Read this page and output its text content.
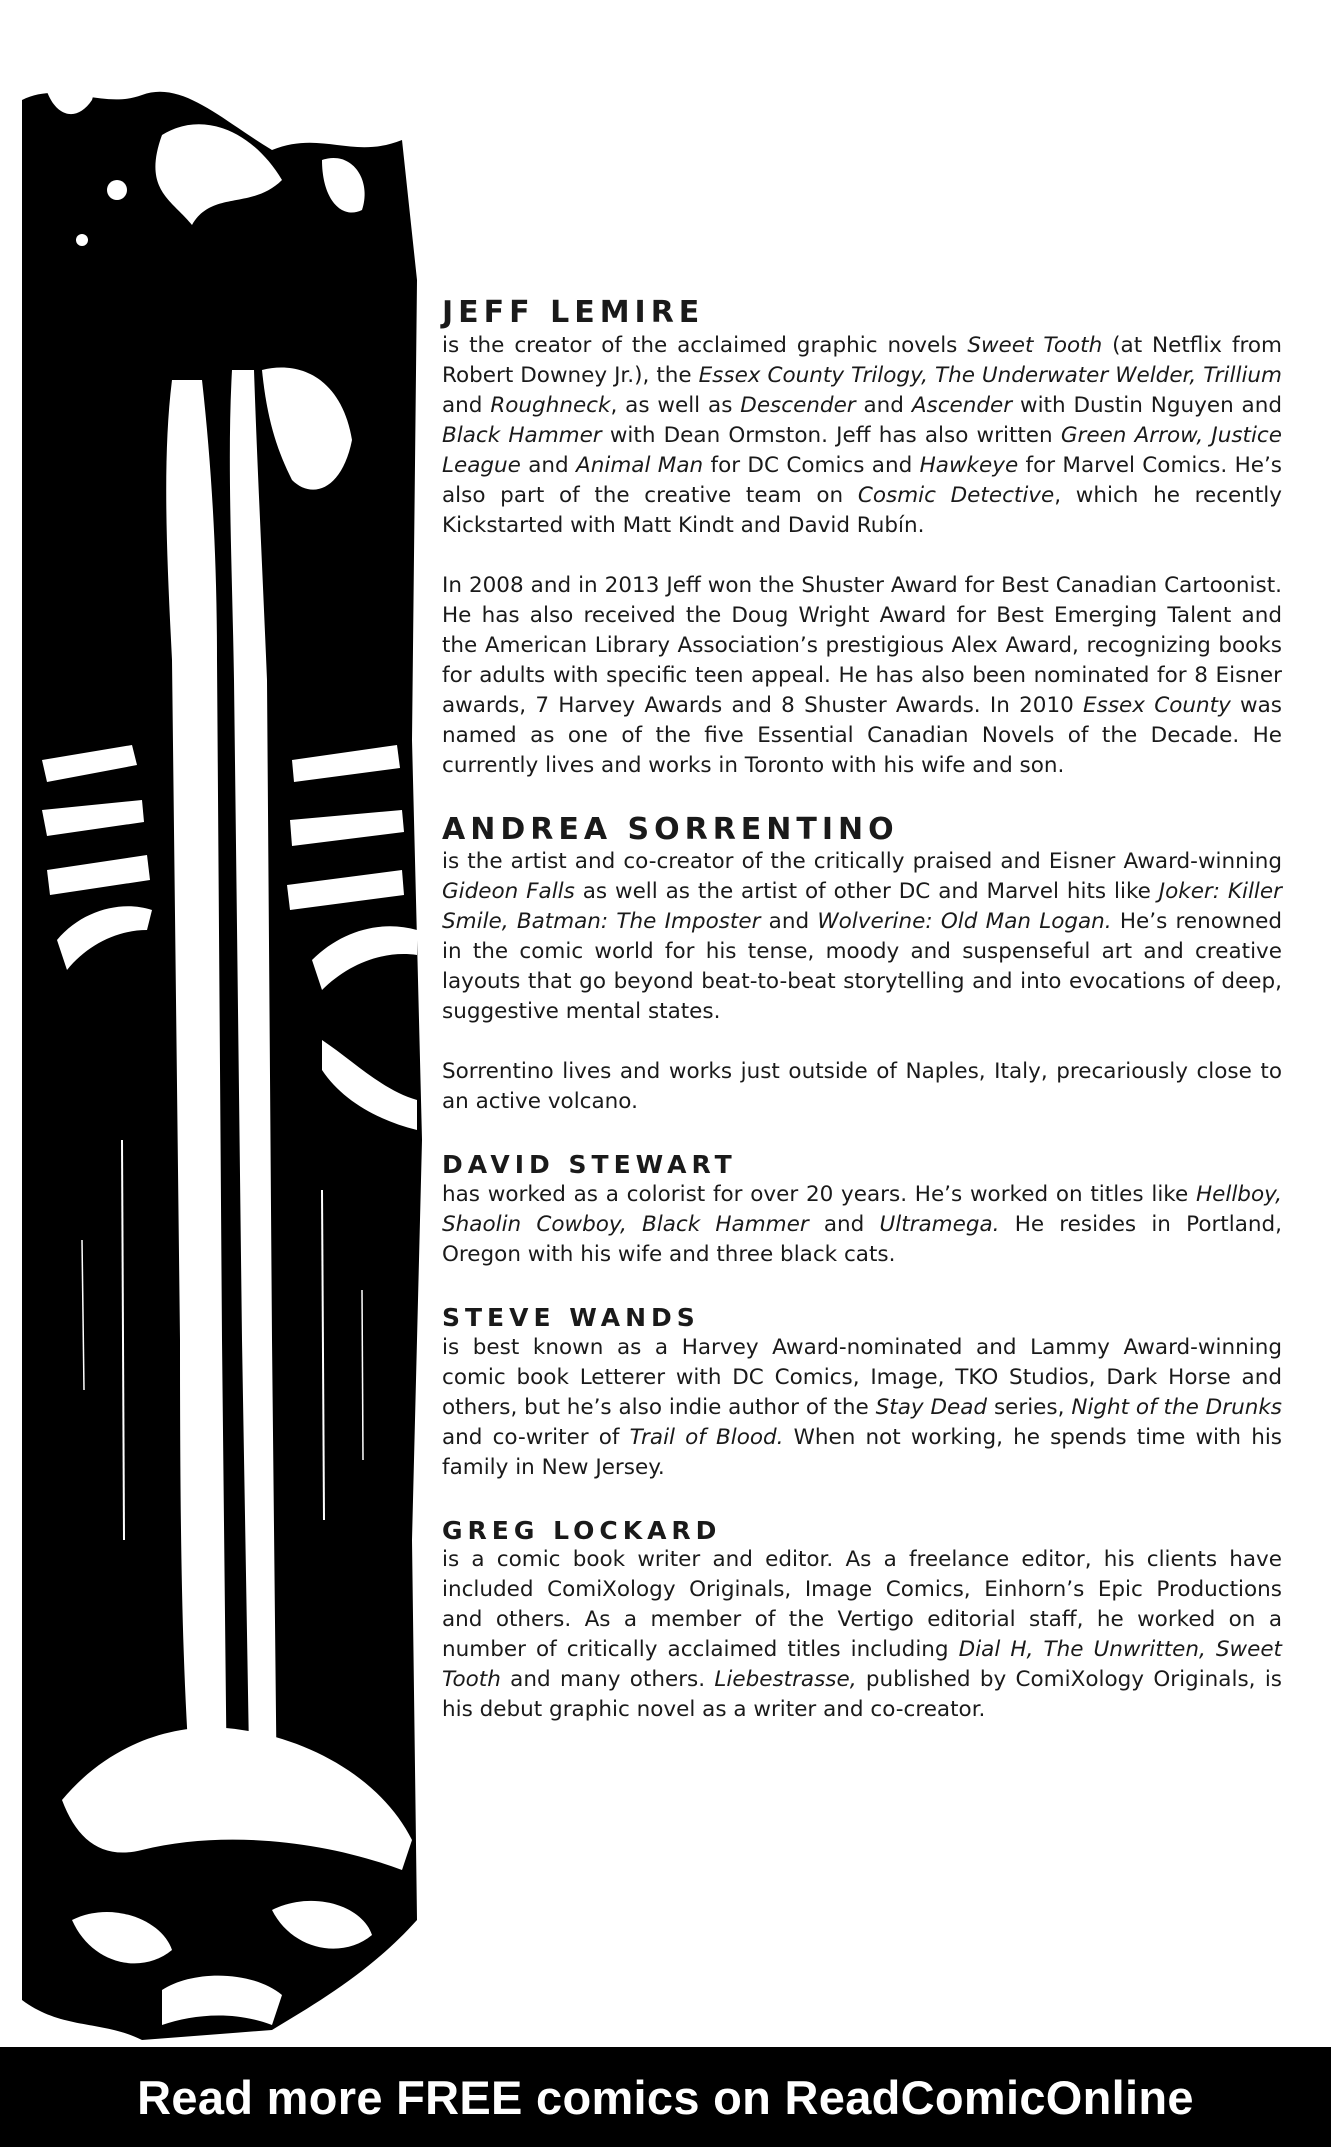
JEFF LEMIRE

is the creator of the acclaimed graphic novels Sweet Tooth (at Netflix from Robert Downey Jr.), the Essex County Trilogy, The Underwater Welder, Trillium and Roughneck, as well as Descender and Ascender with Dustin Nguyen and Black Hammer with Dean Ormston. Jeff has also written Green Arrow, Justice League and Animal Man for DC Comics and Hawkeye for Marvel Comics. He’s also part of the creative team on Cosmic Detective, which he recently Kickstarted with Matt Kindt and David Rubín.

In 2008 and in 2013 Jeff won the Shuster Award for Best Canadian Cartoonist. He has also received the Doug Wright Award for Best Emerging Talent and the American Library Association’s prestigious Alex Award, recognizing books for adults with specific teen appeal. He has also been nominated for 8 Eisner awards, 7 Harvey Awards and 8 Shuster Awards. In 2010 Essex County was named as one of the five Essential Canadian Novels of the Decade. He currently lives and works in Toronto with his wife and son.

ANDREA SORRENTINO

is the artist and co-creator of the critically praised and Eisner Award-winning Gideon Falls as well as the artist of other DC and Marvel hits like Joker: Killer Smile, Batman: The Imposter and Wolverine: Old Man Logan. He’s renowned in the comic world for his tense, moody and suspenseful art and creative layouts that go beyond beat-to-beat storytelling and into evocations of deep, suggestive mental states.

Sorrentino lives and works just outside of Naples, Italy, precariously close to an active volcano.

DAVID STEWART

has worked as a colorist for over 20 years. He’s worked on titles like Hellboy, Shaolin Cowboy, Black Hammer and Ultramega. He resides in Portland, Oregon with his wife and three black cats.

STEVE WANDS

is best known as a Harvey Award-nominated and Lammy Award-winning comic book Letterer with DC Comics, Image, TKO Studios, Dark Horse and others, but he’s also indie author of the Stay Dead series, Night of the Drunks and co-writer of Trail of Blood. When not working, he spends time with his family in New Jersey.

GREG LOCKARD

is a comic book writer and editor. As a freelance editor, his clients have included ComiXology Originals, Image Comics, Einhorn’s Epic Productions and others. As a member of the Vertigo editorial staff, he worked on a number of critically acclaimed titles including Dial H, The Unwritten, Sweet Tooth and many others. Liebestrasse, published by ComiXology Originals, is his debut graphic novel as a writer and co-creator.

Read more FREE comics on ReadComicOnline
